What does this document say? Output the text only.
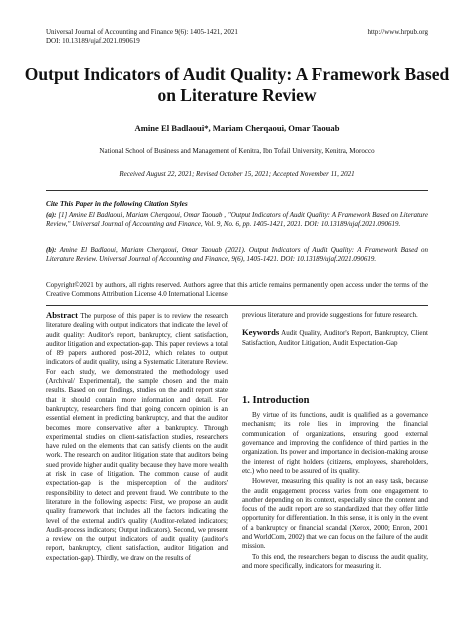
Universal Journal of Accounting and Finance 9(6): 1405-1421, 2021
DOI: 10.13189/ujaf.2021.090619
http://www.hrpub.org
Output Indicators of Audit Quality: A Framework Based on Literature Review
Amine El Badlaoui*, Mariam Cherqaoui, Omar Taouab
National School of Business and Management of Kenitra, Ibn Tofail University, Kenitra, Morocco
Received August 22, 2021; Revised October 15, 2021; Accepted November 11, 2021
Cite This Paper in the following Citation Styles
(a): [1] Amine El Badlaoui, Mariam Cherqaoui, Omar Taouab , "Output Indicators of Audit Quality: A Framework Based on Literature Review," Universal Journal of Accounting and Finance, Vol. 9, No. 6, pp. 1405-1421, 2021. DOI: 10.13189/ujaf.2021.090619.
(b): Amine El Badlaoui, Mariam Cherqaoui, Omar Taouab (2021). Output Indicators of Audit Quality: A Framework Based on Literature Review. Universal Journal of Accounting and Finance, 9(6), 1405-1421. DOI: 10.13189/ujaf.2021.090619.
Copyright©2021 by authors, all rights reserved. Authors agree that this article remains permanently open access under the terms of the Creative Commons Attribution License 4.0 International License
Abstract The purpose of this paper is to review the research literature dealing with output indicators that indicate the level of audit quality: Auditor's report, bankruptcy, client satisfaction, auditor litigation and expectation-gap. This paper reviews a total of 89 papers authored post-2012, which relates to output indicators of audit quality, using a Systematic Literature Review. For each study, we demonstrated the methodology used (Archival/ Experimental), the sample chosen and the main results. Based on our findings, studies on the audit report state that it should contain more information and detail. For bankruptcy, researchers find that going concern opinion is an essential element in predicting bankruptcy, and that the auditor becomes more conservative after a bankruptcy. Through experimental studies on client-satisfaction studies, researchers have ruled on the elements that can satisfy clients on the audit work. The research on auditor litigation state that auditors being sued provide higher audit quality because they have more wealth at risk in case of litigation. The common cause of audit expectation-gap is the misperception of the auditors' responsibility to detect and prevent fraud. We contribute to the literature in the following aspects: First, we propose an audit quality framework that includes all the factors indicating the level of the external audit's quality (Auditor-related indicators; Audit-process indicators; Output indicators). Second, we present a review on the output indicators of audit quality (auditor's report, bankruptcy, client satisfaction, auditor litigation and expectation-gap). Thirdly, we draw on the results of
previous literature and provide suggestions for future research.
Keywords Audit Quality, Auditor's Report, Bankruptcy, Client Satisfaction, Auditor Litigation, Audit Expectation-Gap
1. Introduction

By virtue of its functions, audit is qualified as a governance mechanism; its role lies in improving the financial communication of organizations, ensuring good external governance and improving the confidence of third parties in the organization. Its power and importance in decision-making arouse the interest of right holders (citizens, employees, shareholders, etc.) who need to be assured of its quality.

However, measuring this quality is not an easy task, because the audit engagement process varies from one engagement to another depending on its context, especially since the content and focus of the audit report are so standardized that they offer little opportunity for differentiation. In this sense, it is only in the event of a bankruptcy or financial scandal (Xerox, 2000; Enron, 2001 and WorldCom, 2002) that we can focus on the failure of the audit mission.

To this end, the researchers began to discuss the audit quality, and more specifically, indicators for measuring it.
